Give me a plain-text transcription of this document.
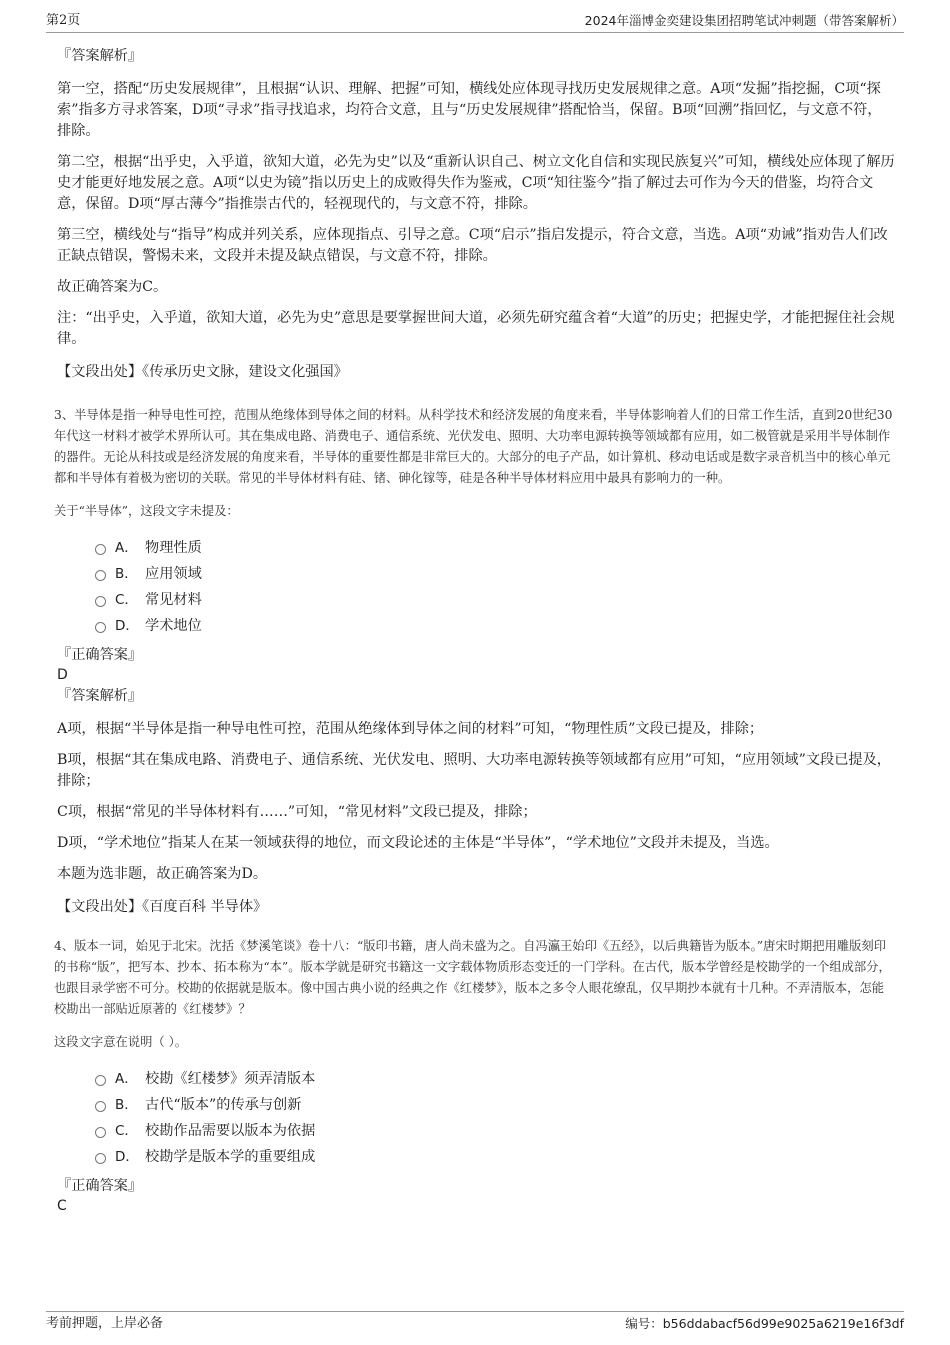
第2页	2024年淄博金奕建设集团招聘笔试冲刺题（带答案解析）

『答案解析』

第一空，搭配“历史发展规律”，且根据“认识、理解、把握”可知，横线处应体现寻找历史发展规律之意。A项“发掘”指挖掘，C项“探索”指多方寻求答案，D项“寻求”指寻找追求，均符合文意，且与“历史发展规律”搭配恰当，保留。B项“回溯”指回忆，与文意不符，排除。

第二空，根据“出乎史，入乎道，欲知大道，必先为史”以及“重新认识自己、树立文化自信和实现民族复兴”可知，横线处应体现了解历史才能更好地发展之意。A项“以史为镜”指以历史上的成败得失作为鉴戒，C项“知往鉴今”指了解过去可作为今天的借鉴，均符合文意，保留。D项“厚古薄今”指推崇古代的，轻视现代的，与文意不符，排除。

第三空，横线处与“指导”构成并列关系，应体现指点、引导之意。C项“启示”指启发提示，符合文意，当选。A项“劝诫”指劝告人们改正缺点错误，警惕未来，文段并未提及缺点错误，与文意不符，排除。

故正确答案为C。

注：“出乎史，入乎道，欲知大道，必先为史”意思是要掌握世间大道，必须先研究蕴含着“大道”的历史；把握史学，才能把握住社会规律。

【文段出处】《传承历史文脉，建设文化强国》

3、半导体是指一种导电性可控，范围从绝缘体到导体之间的材料。从科学技术和经济发展的角度来看，半导体影响着人们的日常工作生活，直到20世纪30年代这一材料才被学术界所认可。其在集成电路、消费电子、通信系统、光伏发电、照明、大功率电源转换等领域都有应用，如二极管就是采用半导体制作的器件。无论从科技或是经济发展的角度来看，半导体的重要性都是非常巨大的。大部分的电子产品，如计算机、移动电话或是数字录音机当中的核心单元都和半导体有着极为密切的关联。常见的半导体材料有硅、锗、砷化镓等，硅是各种半导体材料应用中最具有影响力的一种。

关于“半导体”，这段文字未提及：

A． 物理性质
B． 应用领域
C． 常见材料
D． 学术地位

『正确答案』

D

『答案解析』

A项，根据“半导体是指一种导电性可控，范围从绝缘体到导体之间的材料”可知，“物理性质”文段已提及，排除；

B项，根据“其在集成电路、消费电子、通信系统、光伏发电、照明、大功率电源转换等领域都有应用”可知，“应用领域”文段已提及，排除；

C项，根据“常见的半导体材料有……”可知，“常见材料”文段已提及，排除；

D项，“学术地位”指某人在某一领域获得的地位，而文段论述的主体是“半导体”，“学术地位”文段并未提及，当选。

本题为选非题，故正确答案为D。

【文段出处】《百度百科 半导体》

4、版本一词，始见于北宋。沈括《梦溪笔谈》卷十八：“版印书籍，唐人尚未盛为之。自冯瀛王始印《五经》，以后典籍皆为版本。”唐宋时期把用雕版刻印的书称“版”，把写本、抄本、拓本称为“本”。版本学就是研究书籍这一文字载体物质形态变迁的一门学科。在古代，版本学曾经是校勘学的一个组成部分，也跟目录学密不可分。校勘的依据就是版本。像中国古典小说的经典之作《红楼梦》，版本之多令人眼花缭乱，仅早期抄本就有十几种。不弄清版本，怎能校勘出一部贴近原著的《红楼梦》？

这段文字意在说明（ ）。

A． 校勘《红楼梦》须弄清版本
B． 古代“版本”的传承与创新
C． 校勘作品需要以版本为依据
D． 校勘学是版本学的重要组成

『正确答案』

C

考前押题，上岸必备	编号：b56ddabacf56d99e9025a6219e16f3df
